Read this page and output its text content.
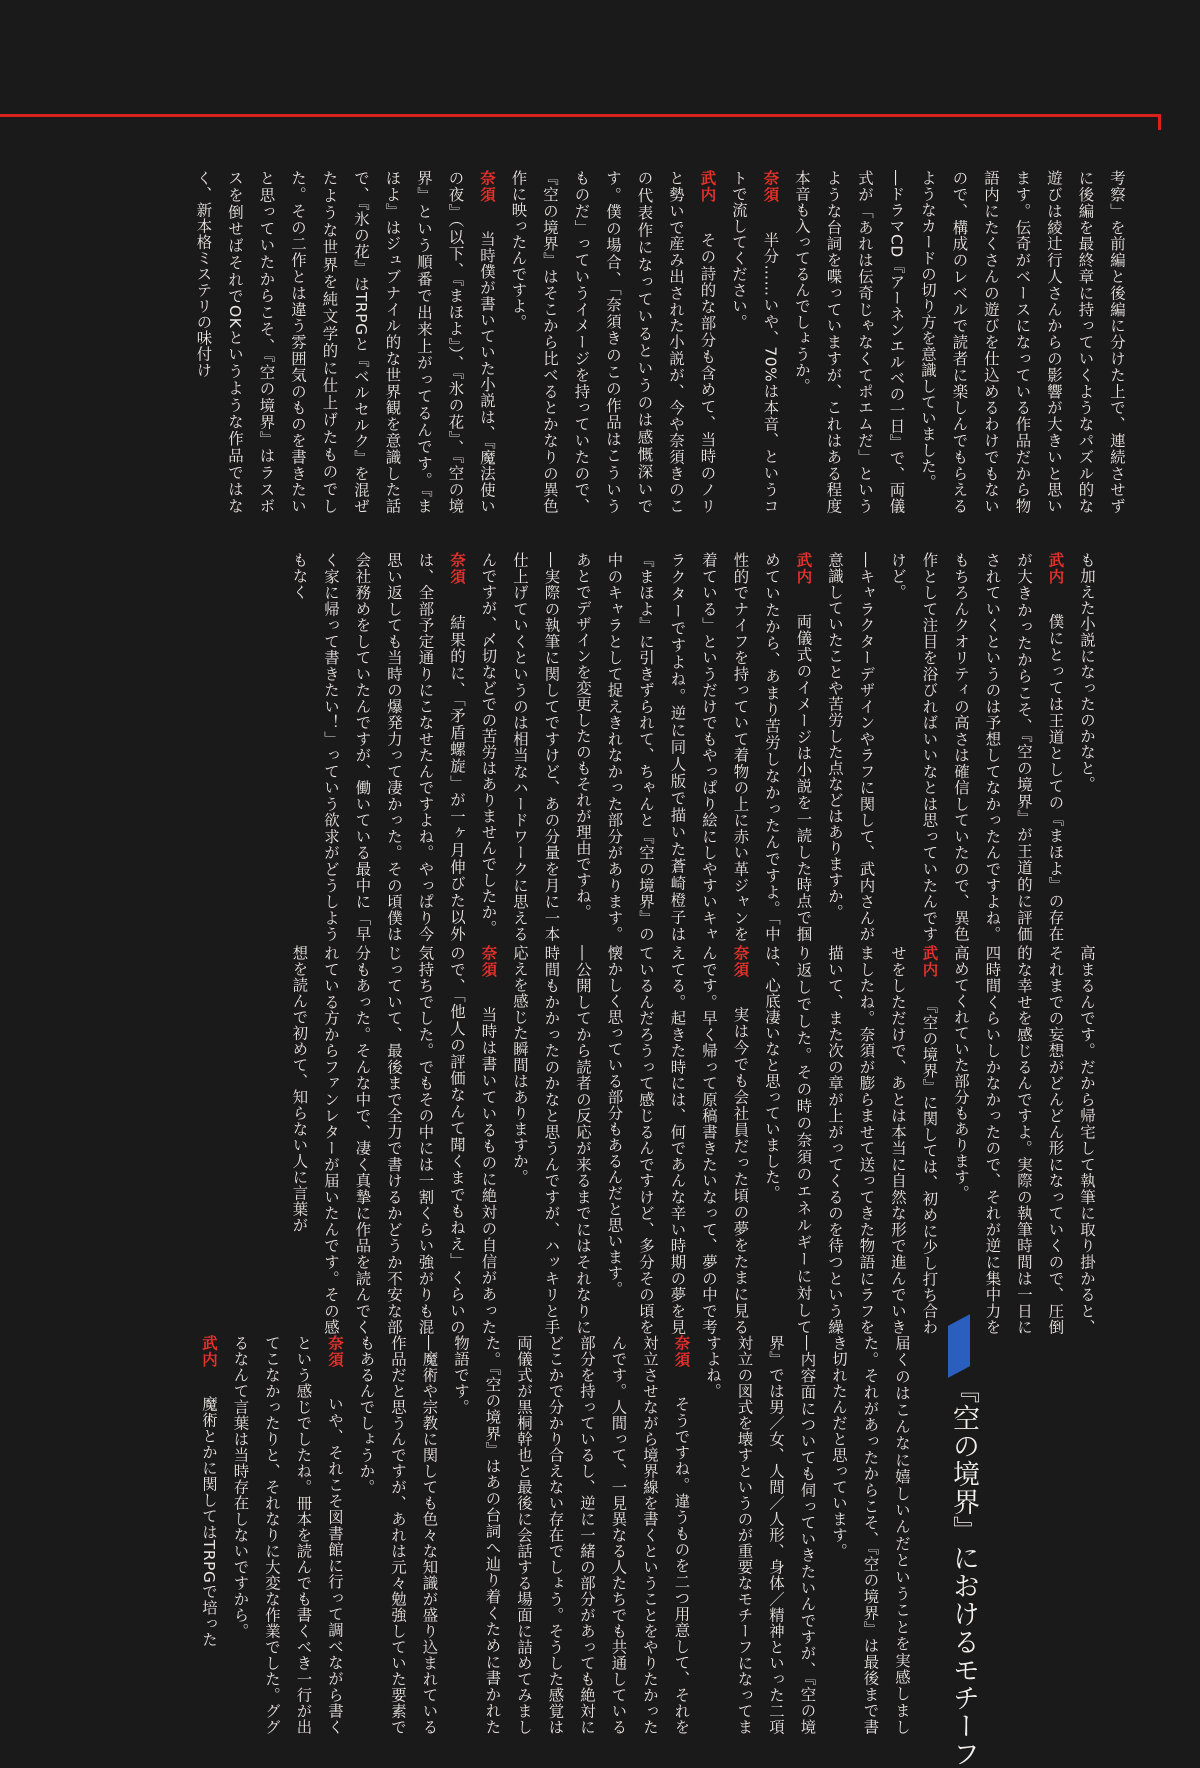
考察」を前編と後編に分けた上で、連続させずに後編を最終章に持っていくようなパズル的な遊びは綾辻行人さんからの影響が大きいと思います。伝奇がベースになっている作品だから物語内にたくさんの遊びを仕込めるわけでもないので、構成のレベルで読者に楽しんでもらえるようなカードの切り方を意識していました。

―ドラマCD『アーネンエルベの一日』で、両儀式が「あれは伝奇じゃなくてポエムだ」というような台詞を喋っていますが、これはある程度本音も入ってるんでしょうか。

奈須　半分……いや、70%は本音、というコトで流してください。

武内　その詩的な部分も含めて、当時のノリと勢いで産み出された小説が、今や奈須きのこの代表作になっているというのは感慨深いです。僕の場合、「奈須きのこの作品はこういうものだ」っていうイメージを持っていたので、『空の境界』はそこから比べるとかなりの異色作に映ったんですよ。

奈須　当時僕が書いていた小説は、『魔法使いの夜』（以下、『まほよ』）、『氷の花』、『空の境界』という順番で出来上がってるんです。『まほよ』はジュブナイル的な世界観を意識した話で、『氷の花』はTRPGと『ベルセルク』を混ぜたような世界を純文学的に仕上げたものでした。その二作とは違う雰囲気のものを書きたいと思っていたからこそ、『空の境界』はラスボスを倒せばそれでOKというような作品ではなく、新本格ミステリの味付け

も加えた小説になったのかなと。

武内　僕にとっては王道としての『まほよ』の存在が大きかったからこそ、『空の境界』が王道的に評価されていくというのは予想してなかったんですよね。もちろんクオリティの高さは確信していたので、異色作として注目を浴びればいいなとは思っていたんですけど。

―キャラクターデザインやラフに関して、武内さんが意識していたことや苦労した点などはありますか。

武内　両儀式のイメージは小説を一読した時点で掴めていたから、あまり苦労しなかったんですよ。「中性的でナイフを持っていて着物の上に赤い革ジャンを着ている」というだけでもやっぱり絵にしやすいキャラクターですよね。逆に同人版で描いた蒼崎橙子は『まほよ』に引きずられて、ちゃんと『空の境界』の中のキャラとして捉えきれなかった部分があります。あとでデザインを変更したのもそれが理由ですね。

―実際の執筆に関してですけど、あの分量を月に一本仕上げていくというのは相当なハードワークに思えるんですが、〆切などでの苦労はありませんでしたか。

奈須　結果的に、「矛盾螺旋」が一ヶ月伸びた以外は、全部予定通りにこなせたんですよね。やっぱり今思い返しても当時の爆発力って凄かった。その頃僕は会社務めをしていたんですが、働いている最中に「早く家に帰って書きたい！」っていう欲求がどうしようもなく

高まるんです。だから帰宅して執筆に取り掛かると、それまでの妄想がどんどん形になっていくので、圧倒的な幸せを感じるんですよ。実際の執筆時間は一日に四時間くらいしかなかったので、それが逆に集中力を高めてくれていた部分もあります。

武内　『空の境界』に関しては、初めに少し打ち合わせをしただけで、あとは本当に自然な形で進んでいきましたね。奈須が膨らませて送ってきた物語にラフを描いて、また次の章が上がってくるのを待つという繰り返しでした。その時の奈須のエネルギーに対しては、心底凄いなと思っていました。

奈須　実は今でも会社員だった頃の夢をたまに見るんです。早く帰って原稿書きたいなって、夢の中で考えてる。起きた時には、何であんな辛い時期の夢を見ているんだろうって感じるんですけど、多分その頃を懐かしく思っている部分もあるんだと思います。

―公開してから読者の反応が来るまでにはそれなりに時間もかかったのかなと思うんですが、ハッキリと手応えを感じた瞬間はありますか。

奈須　当時は書いているものに絶対の自信があったので、「他人の評価なんて聞くまでもねえ」くらいの気持ちでした。でもその中には一割くらい強がりも混じっていて、最後まで全力で書けるかどうか不安な部分もあった。そんな中で、凄く真摯に作品を読んでくれている方からファンレターが届いたんです。その感想を読んで初めて、知らない人に言葉が

届くのはこんなに嬉しいんだということを実感しました。それがあったからこそ、『空の境界』は最後まで書き切れたんだと思っています。

―内容面についても伺っていきたいんですが、『空の境界』では男／女、人間／人形、身体／精神といった二項対立の図式を壊すというのが重要なモチーフになってますよね。

奈須　そうですね。違うものを二つ用意して、それを対立させながら境界線を書くということをやりたかったんです。人間って、一見異なる人たちでも共通している部分を持っているし、逆に一緒の部分があっても絶対にどこかで分かり合えない存在でしょう。そうした感覚は両儀式が黒桐幹也と最後に会話する場面に詰めてみました。『空の境界』はあの台詞へ辿り着くために書かれた物語です。

―魔術や宗教に関しても色々な知識が盛り込まれている作品だと思うんですが、あれは元々勉強していた要素でもあるんでしょうか。

奈須　いや、それこそ図書館に行って調べながら書くという感じでしたね。冊本を読んでも書くべき一行が出てこなかったりと、それなりに大変な作業でした。ググるなんて言葉は当時存在しないですから。

武内　魔術とかに関してはTRPGで培った	『空の境界』におけるモチーフ
